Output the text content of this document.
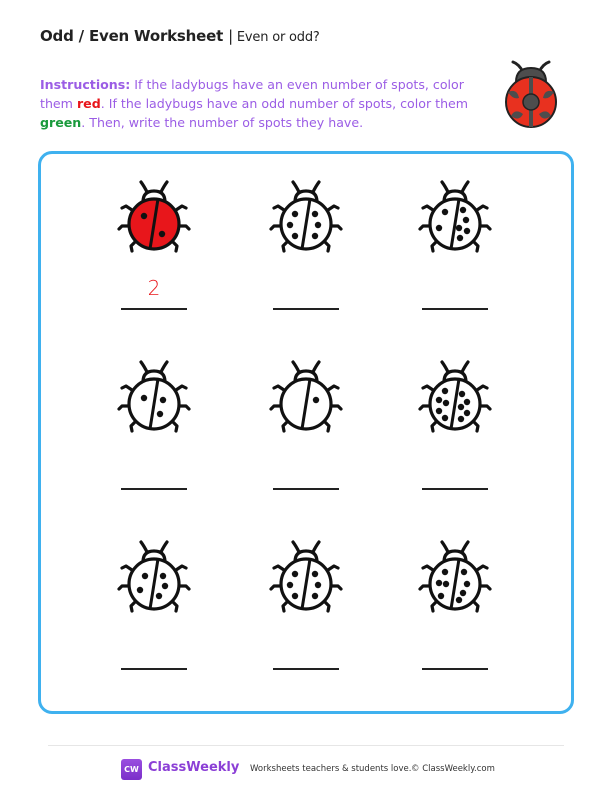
Odd / Even Worksheet | Even or odd?
Instructions: If the ladybugs have an even number of spots, color them red. If the ladybugs have an odd number of spots, color them green. Then, write the number of spots they have.
2
CW ClassWeekly Worksheets teachers & students love. © ClassWeekly.com
